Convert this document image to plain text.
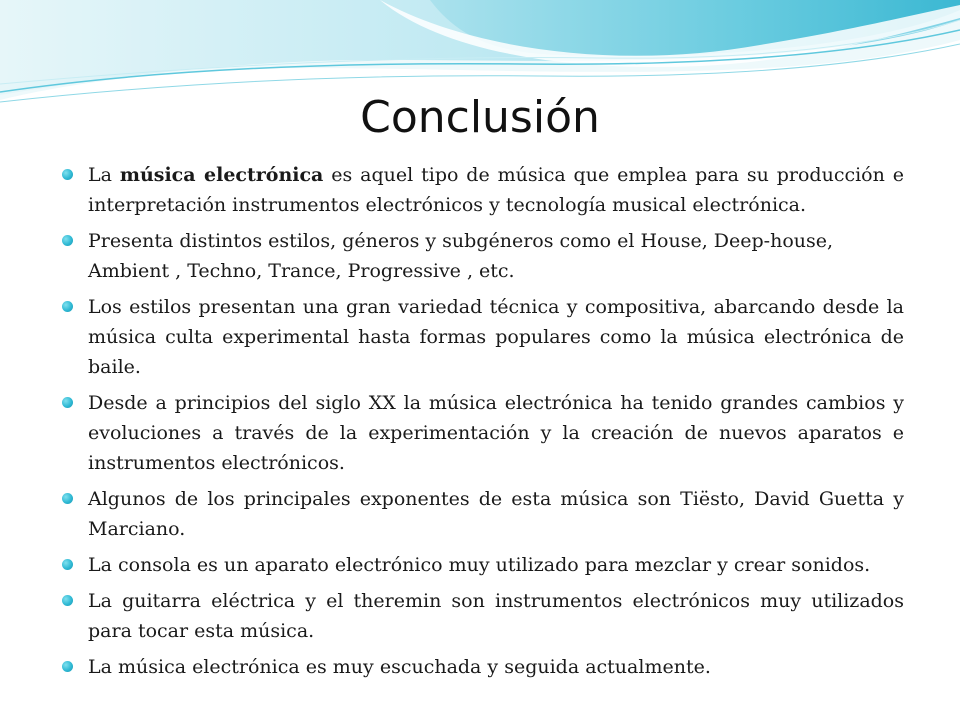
Conclusión
La música electrónica es aquel tipo de música que emplea para su producción e interpretación instrumentos electrónicos y tecnología musical electrónica.
Presenta distintos estilos, géneros y subgéneros como el House, Deep-house, Ambient , Techno, Trance, Progressive , etc.
Los estilos presentan una gran variedad técnica y compositiva, abarcando desde la música culta experimental hasta formas populares como la música electrónica de baile.
Desde a principios del siglo XX la música electrónica ha tenido grandes cambios y evoluciones a través de la experimentación y la creación de nuevos aparatos e instrumentos electrónicos.
Algunos de los principales exponentes de esta música son Tiësto, David Guetta y Marciano.
La consola es un aparato electrónico muy utilizado para mezclar y crear sonidos.
La guitarra eléctrica y el theremin son instrumentos electrónicos muy utilizados para tocar esta música.
La música electrónica es muy escuchada y seguida actualmente.
